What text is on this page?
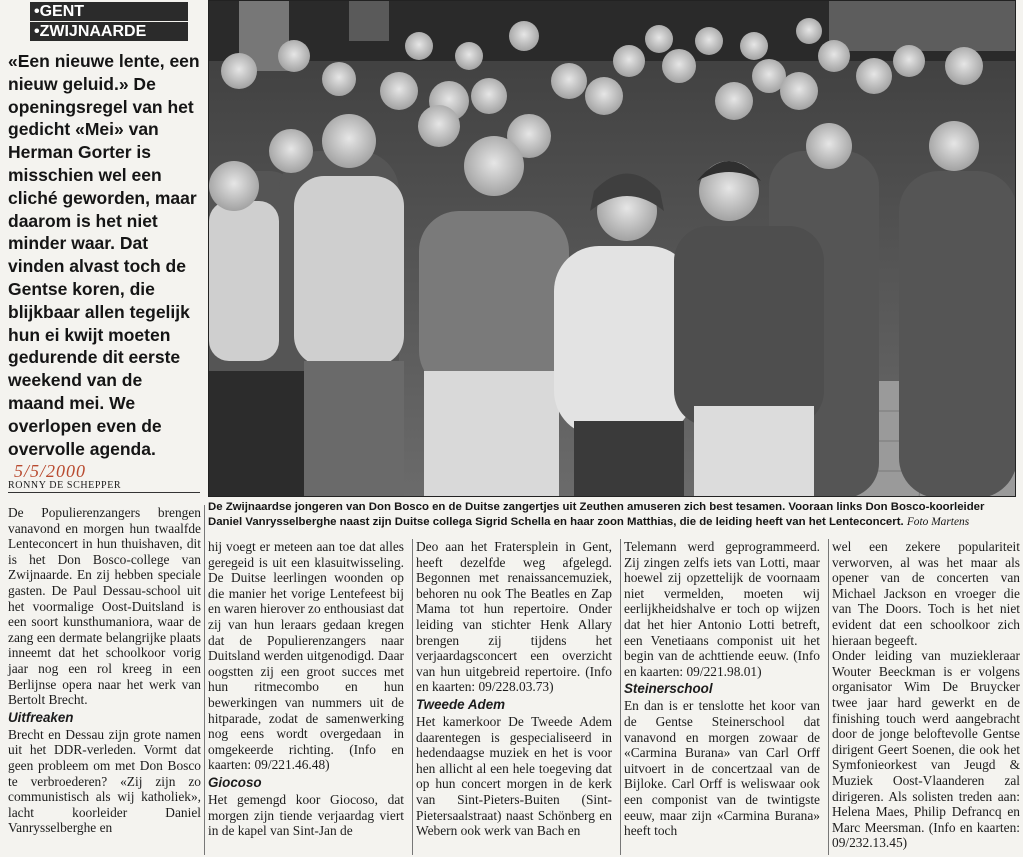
•GENT
•ZWIJNAARDE
«Een nieuwe lente, een nieuw geluid.» De openingsregel van het gedicht «Mei» van Herman Gorter is misschien wel een cliché geworden, maar daarom is het niet minder waar. Dat vinden alvast toch de Gentse koren, die blijkbaar allen tegelijk hun ei kwijt moeten gedurende dit eerste weekend van de maand mei. We overlopen even de overvolle agenda. 5/5/2000
RONNY DE SCHEPPER
De Zwijnaardse jongeren van Don Bosco en de Duitse zangertjes uit Zeuthen amuseren zich best tesamen. Vooraan links Don Bosco-koorleider Daniel Vanrysselberghe naast zijn Duitse collega Sigrid Schella en haar zoon Matthias, die de leiding heeft van het Lenteconcert. Foto Martens

De Populierenzangers brengen vanavond en morgen hun twaalfde Lenteconcert in hun thuishaven, dit is het Don Bosco-college van Zwijnaarde. En zij hebben speciale gasten. De Paul Dessau-school uit het voormalige Oost-Duitsland is een soort kunsthumaniora, waar de zang een dermate belangrijke plaats inneemt dat het schoolkoor vorig jaar nog een rol kreeg in een Berlijnse opera naar het werk van Bertolt Brecht.

Uitfreaken

Brecht en Dessau zijn grote namen uit het DDR-verleden. Vormt dat geen probleem om met Don Bosco te verbroederen? «Zij zijn zo communistisch als wij katholiek», lacht koorleider Daniel Vanrysselberghe en

hij voegt er meteen aan toe dat alles geregeid is uit een klasuitwisseling. De Duitse leerlingen woonden op die manier het vorige Lentefeest bij en waren hierover zo enthousiast dat zij van hun leraars gedaan kregen dat de Populierenzangers naar Duitsland werden uitgenodigd. Daar oogstten zij een groot succes met hun ritmecombo en hun bewerkingen van nummers uit de hitparade, zodat de samenwerking nog eens wordt overgedaan in omgekeerde richting. (Info en kaarten: 09/221.46.48)

Giocoso

Het gemengd koor Giocoso, dat morgen zijn tiende verjaardag viert in de kapel van Sint-Jan de

Deo aan het Fratersplein in Gent, heeft dezelfde weg afgelegd. Begonnen met renaissancemuziek, behoren nu ook The Beatles en Zap Mama tot hun repertoire. Onder leiding van stichter Henk Allary brengen zij tijdens het verjaardagsconcert een overzicht van hun uitgebreid repertoire. (Info en kaarten: 09/228.03.73)

Tweede Adem

Het kamerkoor De Tweede Adem daarentegen is gespecialiseerd in hedendaagse muziek en het is voor hen allicht al een hele toegeving dat op hun concert morgen in de kerk van Sint-Pieters-Buiten (Sint-Pietersaalstraat) naast Schönberg en Webern ook werk van Bach en

Telemann werd geprogrammeerd. Zij zingen zelfs iets van Lotti, maar hoewel zij opzettelijk de voornaam niet vermelden, moeten wij eerlijkheidshalve er toch op wijzen dat het hier Antonio Lotti betreft, een Venetiaans componist uit het begin van de achttiende eeuw. (Info en kaarten: 09/221.98.01)

Steinerschool

En dan is er tenslotte het koor van de Gentse Steinerschool dat vanavond en morgen zowaar de «Carmina Burana» van Carl Orff uitvoert in de concertzaal van de Bijloke. Carl Orff is weliswaar ook een componist van de twintigste eeuw, maar zijn «Carmina Burana» heeft toch

wel een zekere populariteit verworven, al was het maar als opener van de concerten van Michael Jackson en vroeger die van The Doors. Toch is het niet evident dat een schoolkoor zich hieraan begeeft.

Onder leiding van muziekleraar Wouter Beeckman is er volgens organisator Wim De Bruycker twee jaar hard gewerkt en de finishing touch werd aangebracht door de jonge beloftevolle Gentse dirigent Geert Soenen, die ook het Symfonieorkest van Jeugd & Muziek Oost-Vlaanderen zal dirigeren. Als solisten treden aan: Helena Maes, Philip Defrancq en Marc Meersman. (Info en kaarten: 09/232.13.45)
